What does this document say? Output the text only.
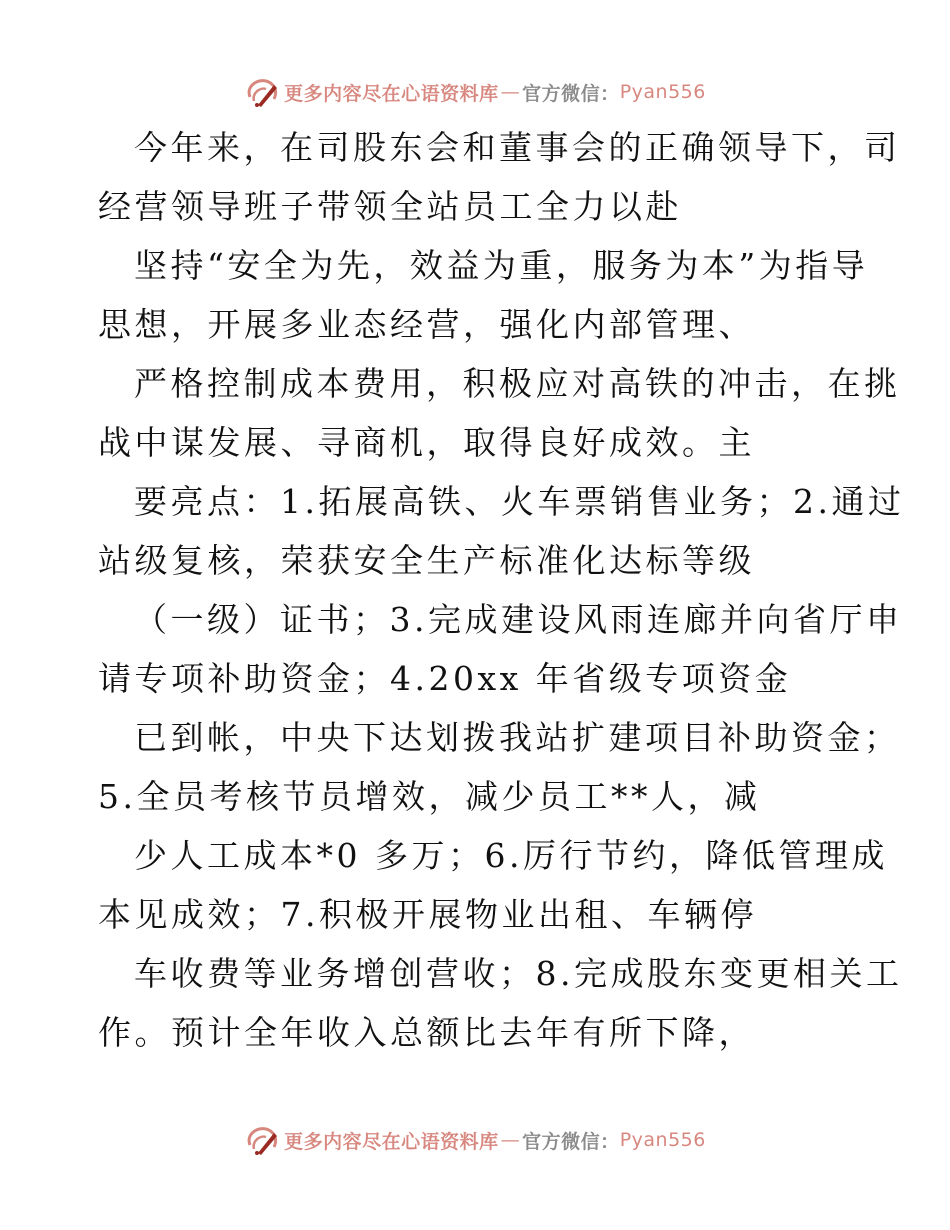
更多内容尽在心语资料库 — 官方微信： Pyan556
今年来，在司股东会和董事会的正确领导下，司
经营领导班子带领全站员工全力以赴
坚持“安全为先，效益为重，服务为本”为指导
思想，开展多业态经营，强化内部管理、
严格控制成本费用，积极应对高铁的冲击，在挑
战中谋发展、寻商机，取得良好成效。主
要亮点：1.拓展高铁、火车票销售业务；2.通过
站级复核，荣获安全生产标准化达标等级
（一级）证书；3.完成建设风雨连廊并向省厅申
请专项补助资金；4.20xx 年省级专项资金
已到帐，中央下达划拨我站扩建项目补助资金；
5.全员考核节员增效，减少员工**人，减
少人工成本*0 多万；6.厉行节约，降低管理成
本见成效；7.积极开展物业出租、车辆停
车收费等业务增创营收；8.完成股东变更相关工
作。预计全年收入总额比去年有所下降，
更多内容尽在心语资料库 — 官方微信： Pyan556
